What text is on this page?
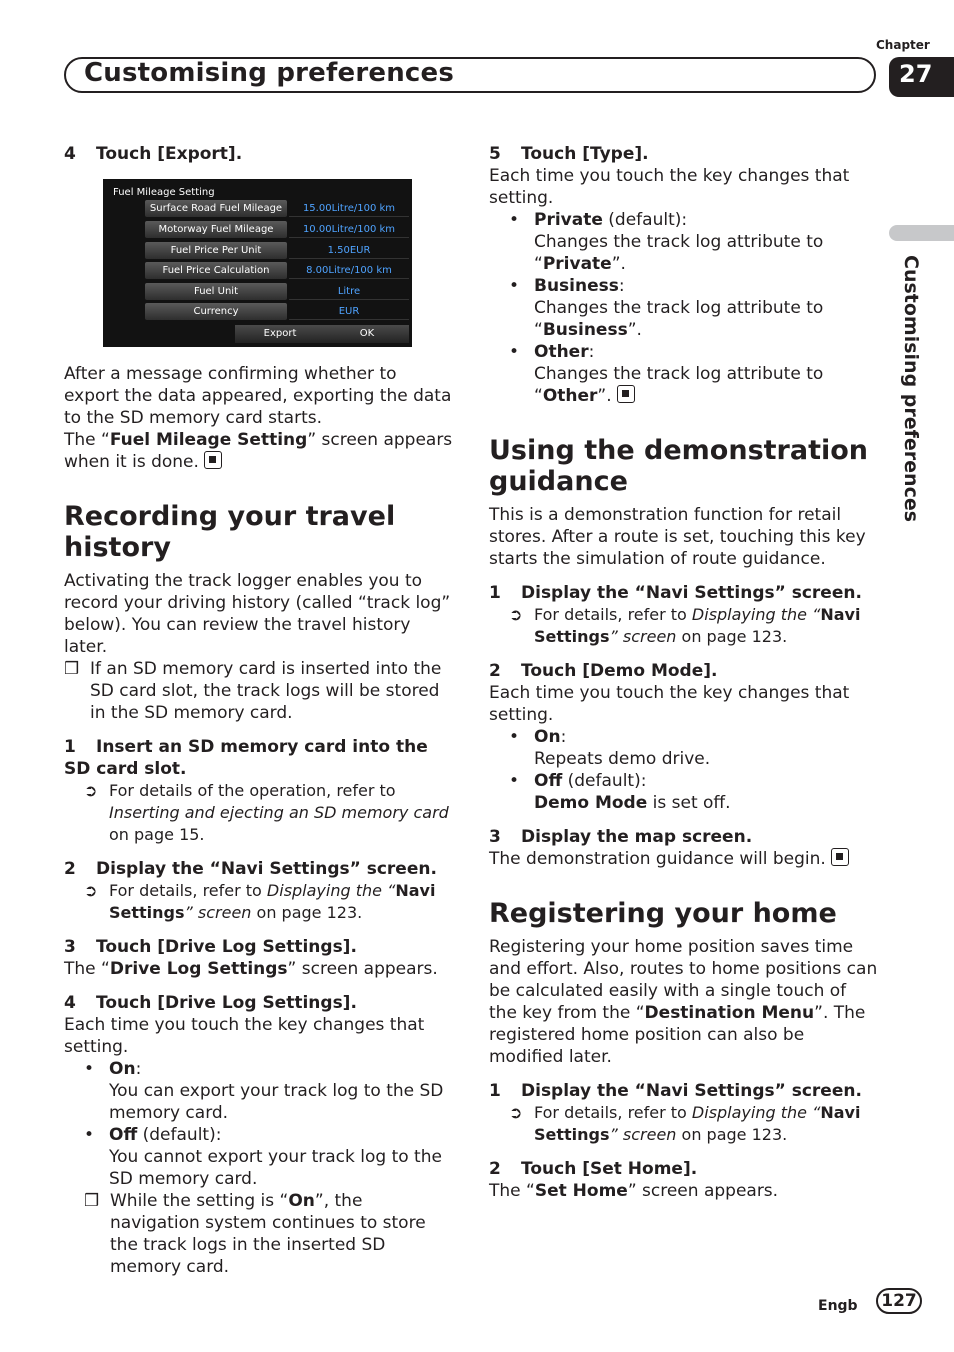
Chapter
27
Customising preferences
Customising preferences
4 Touch [Export].
Fuel Mileage Setting
Surface Road Fuel Mileage	15.00Litre/100 km
Motorway Fuel Mileage	10.00Litre/100 km
Fuel Price Per Unit	1.50EUR
Fuel Price Calculation	8.00Litre/100 km
Fuel Unit	Litre
Currency	EUR
Export	OK

After a message confirming whether to export the data appeared, exporting the data to the SD memory card starts.

The “Fuel Mileage Setting” screen appears when it is done.

Recording your travel history

Activating the track logger enables you to record your driving history (called “track log” below). You can review the travel history later.

❒ If an SD memory card is inserted into the SD card slot, the track logs will be stored in the SD memory card.
1 Insert an SD memory card into the SD card slot.
➲ For details of the operation, refer to Inserting and ejecting an SD memory card on page 15.
2 Display the “Navi Settings” screen.
➲ For details, refer to Displaying the “Navi Settings” screen on page 123.
3 Touch [Drive Log Settings].

The “Drive Log Settings” screen appears.

4 Touch [Drive Log Settings].

Each time you touch the key changes that setting.

• On:
You can export your track log to the SD memory card.
• Off (default):
You cannot export your track log to the SD memory card.
❒ While the setting is “On”, the navigation system continues to store the track logs in the inserted SD memory card.
5 Touch [Type].

Each time you touch the key changes that setting.

• Private (default):
Changes the track log attribute to “Private”.
• Business:
Changes the track log attribute to “Business”.
• Other:
Changes the track log attribute to “Other”.
Using the demonstration guidance

This is a demonstration function for retail stores. After a route is set, touching this key starts the simulation of route guidance.

1 Display the “Navi Settings” screen.
➲ For details, refer to Displaying the “Navi Settings” screen on page 123.
2 Touch [Demo Mode].

Each time you touch the key changes that setting.

• On:
Repeats demo drive.
• Off (default):
Demo Mode is set off.
3 Display the map screen.

The demonstration guidance will begin.

Registering your home

Registering your home position saves time and effort. Also, routes to home positions can be calculated easily with a single touch of the key from the “Destination Menu”. The registered home position can also be modified later.

1 Display the “Navi Settings” screen.
➲ For details, refer to Displaying the “Navi Settings” screen on page 123.
2 Touch [Set Home].

The “Set Home” screen appears.

Engb	127
